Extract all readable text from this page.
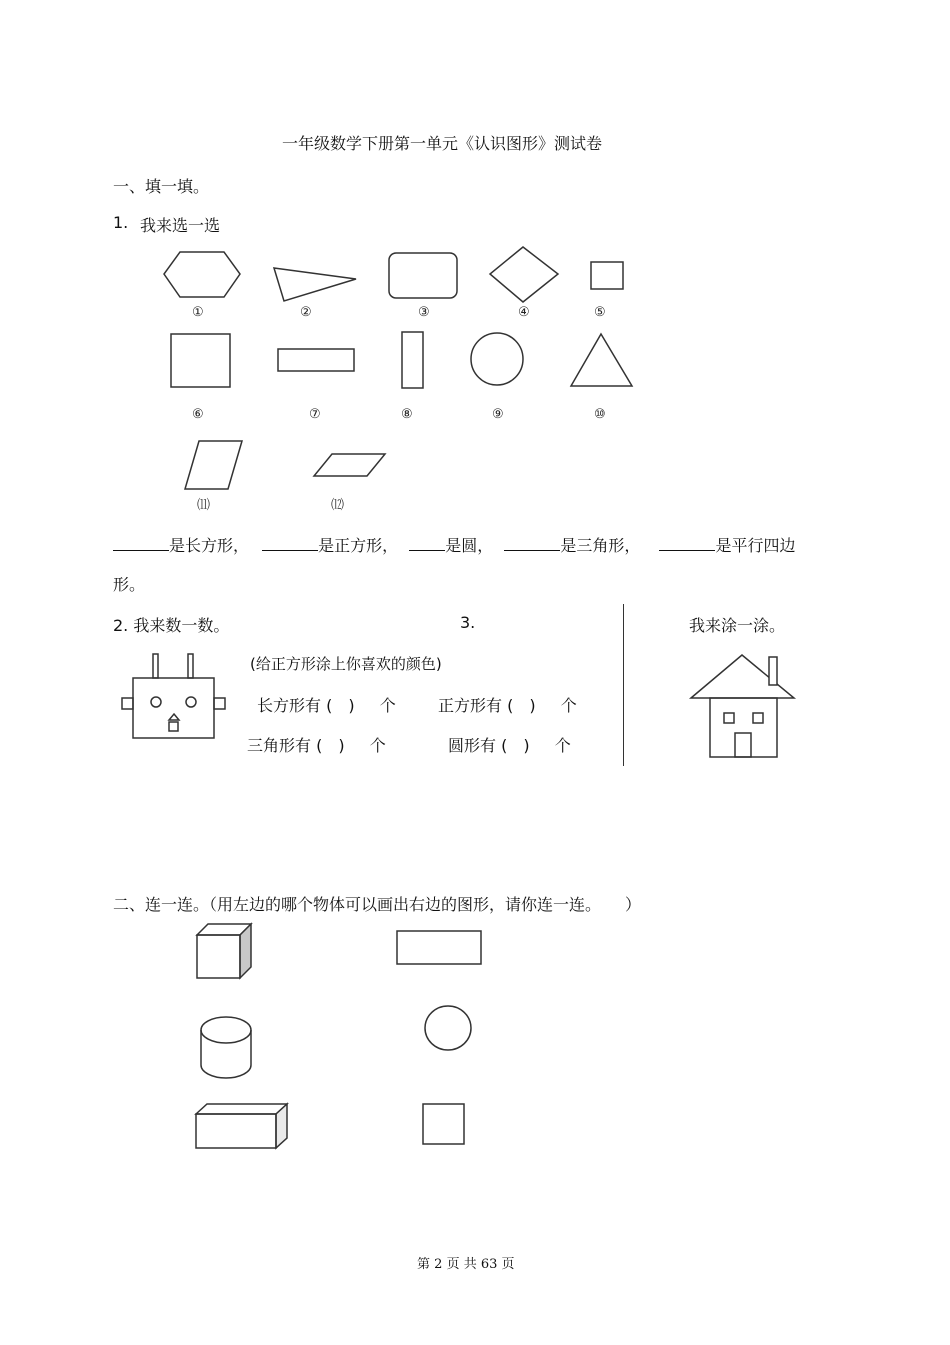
一年级数学下册第一单元《认识图形》测试卷
一、填一填。
1. 我来选一选
①	②	③	④	⑤
⑥	⑦	⑧	⑨	⑩
⑾	⑿
是长方形，	是正方形，	是圆，	是三角形，	是平行四边
形。
2. 我来数一数。	3.	我来涂一涂。
(给正方形涂上你喜欢的颜色)
长方形有 (　) 个	正方形有 (　) 个
三角形有 (　) 个	圆形有 (　) 个
二、连一连。（用左边的哪个物体可以画出右边的图形，请你连一连。　　）
第 2 页 共 63 页
